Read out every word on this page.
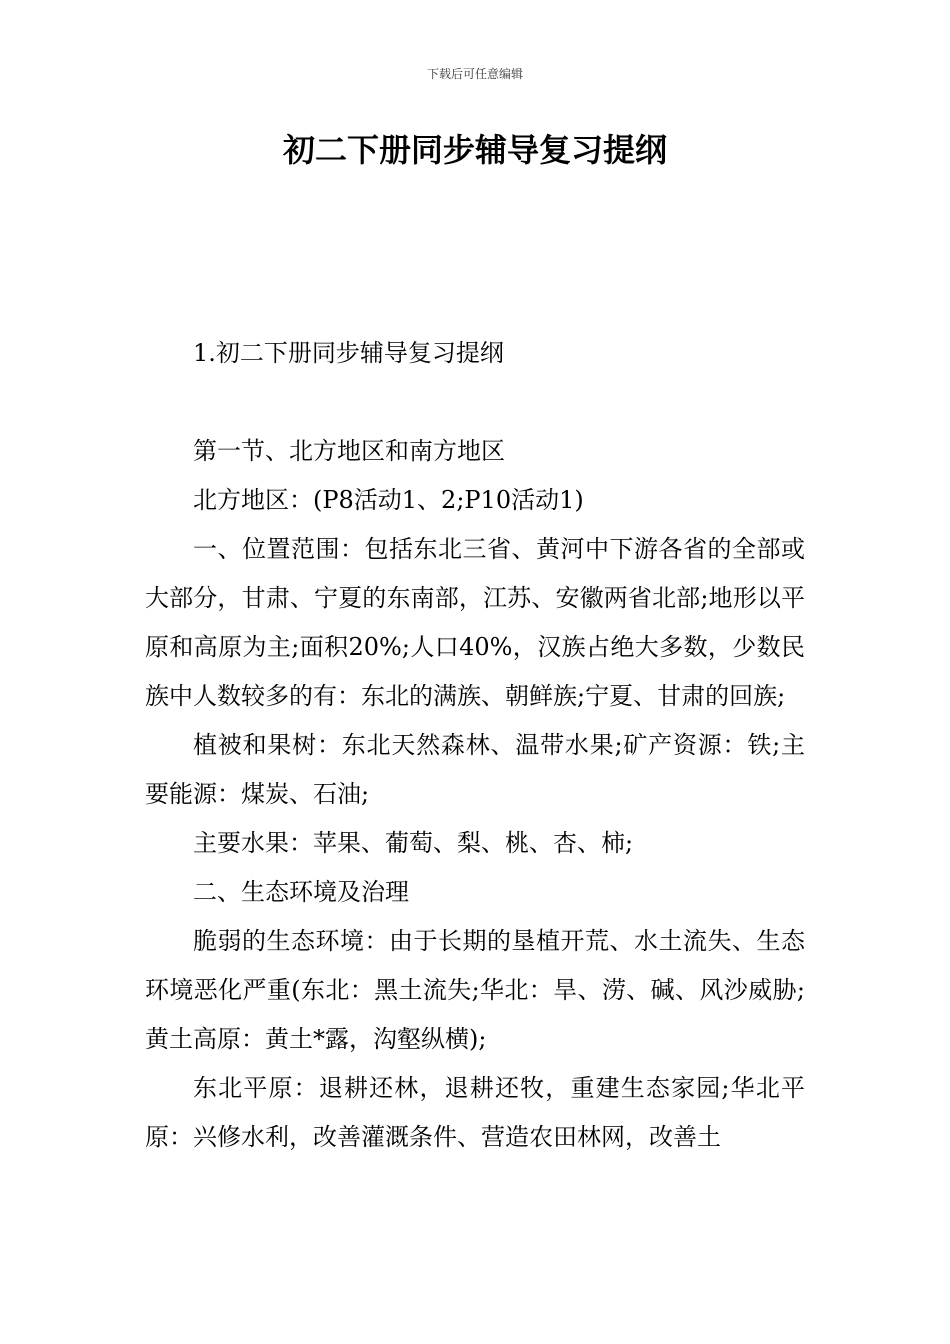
下载后可任意编辑
初二下册同步辅导复习提纲

1.初二下册同步辅导复习提纲

第一节、北方地区和南方地区

北方地区：(P8活动1、2;P10活动1)

一、位置范围：包括东北三省、黄河中下游各省的全部或大部分，甘肃、宁夏的东南部，江苏、安徽两省北部;地形以平原和高原为主;面积20%;人口40%，汉族占绝大多数，少数民族中人数较多的有：东北的满族、朝鲜族;宁夏、甘肃的回族;

植被和果树：东北天然森林、温带水果;矿产资源：铁;主要能源：煤炭、石油;

主要水果：苹果、葡萄、梨、桃、杏、柿;

二、生态环境及治理

脆弱的生态环境：由于长期的垦植开荒、水土流失、生态环境恶化严重(东北：黑土流失;华北：旱、涝、碱、风沙威胁;黄土高原：黄土*露，沟壑纵横);

东北平原：退耕还林，退耕还牧，重建生态家园;华北平原：兴修水利，改善灌溉条件、营造农田林网，改善土
